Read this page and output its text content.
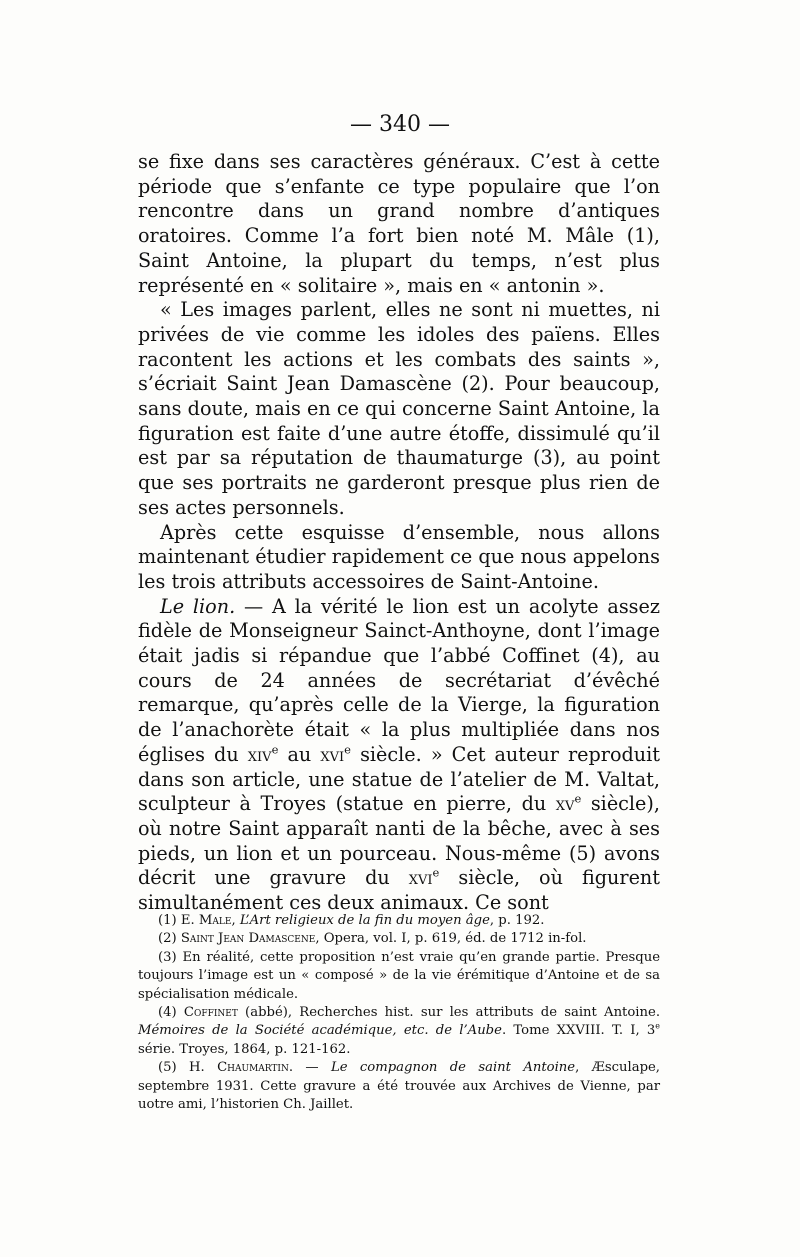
— 340 —

se fixe dans ses caractères généraux. C’est à cette période que s’enfante ce type populaire que l’on rencontre dans un grand nombre d’antiques oratoires. Comme l’a fort bien noté M. Mâle (1), Saint Antoine, la plupart du temps, n’est plus représenté en « solitaire », mais en « antonin ».

« Les images parlent, elles ne sont ni muettes, ni privées de vie comme les idoles des païens. Elles racontent les actions et les combats des saints », s’écriait Saint Jean Damascène (2). Pour beaucoup, sans doute, mais en ce qui concerne Saint Antoine, la figuration est faite d’une autre étoffe, dissimulé qu’il est par sa réputation de thaumaturge (3), au point que ses portraits ne garderont presque plus rien de ses actes personnels.

Après cette esquisse d’ensemble, nous allons maintenant étudier rapidement ce que nous appelons les trois attributs accessoires de Saint-Antoine.

Le lion. — A la vérité le lion est un acolyte assez fidèle de Monseigneur Sainct-Anthoyne, dont l’image était jadis si répandue que l’abbé Coffinet (4), au cours de 24 années de secrétariat d’évêché remarque, qu’après celle de la Vierge, la figuration de l’anachorète était « la plus multipliée dans nos églises du xiv$^e$ au xvi$^e$ siècle. » Cet auteur reproduit dans son article, une statue de l’atelier de M. Valtat, sculpteur à Troyes (statue en pierre, du $xv^e$ siècle), où notre Saint apparaît nanti de la bêche, avec à ses pieds, un lion et un pourceau. Nous-même (5) avons décrit une gravure du xvi$^e$ siècle, où figurent simultanément ces deux animaux. Ce sont

(1) E. Male, L’Art religieux de la fin du moyen âge, p. 192.

(2) Saint Jean Damascene, Opera, vol. I, p. 619, éd. de 1712 in-fol.

(3) En réalité, cette proposition n’est vraie qu’en grande partie. Presque toujours l’image est un « composé » de la vie érémitique d’Antoine et de sa spécialisation médicale.

(4) Coffinet (abbé), Recherches hist. sur les attributs de saint Antoine. Mémoires de la Société académique, etc. de l’Aube. Tome XXVIII. T. I, 3e série. Troyes, 1864, p. 121-162.

(5) H. Chaumartin. — Le compagnon de saint Antoine, Æsculape, septembre 1931. Cette gravure a été trouvée aux Archives de Vienne, par uotre ami, l’historien Ch. Jaillet.
